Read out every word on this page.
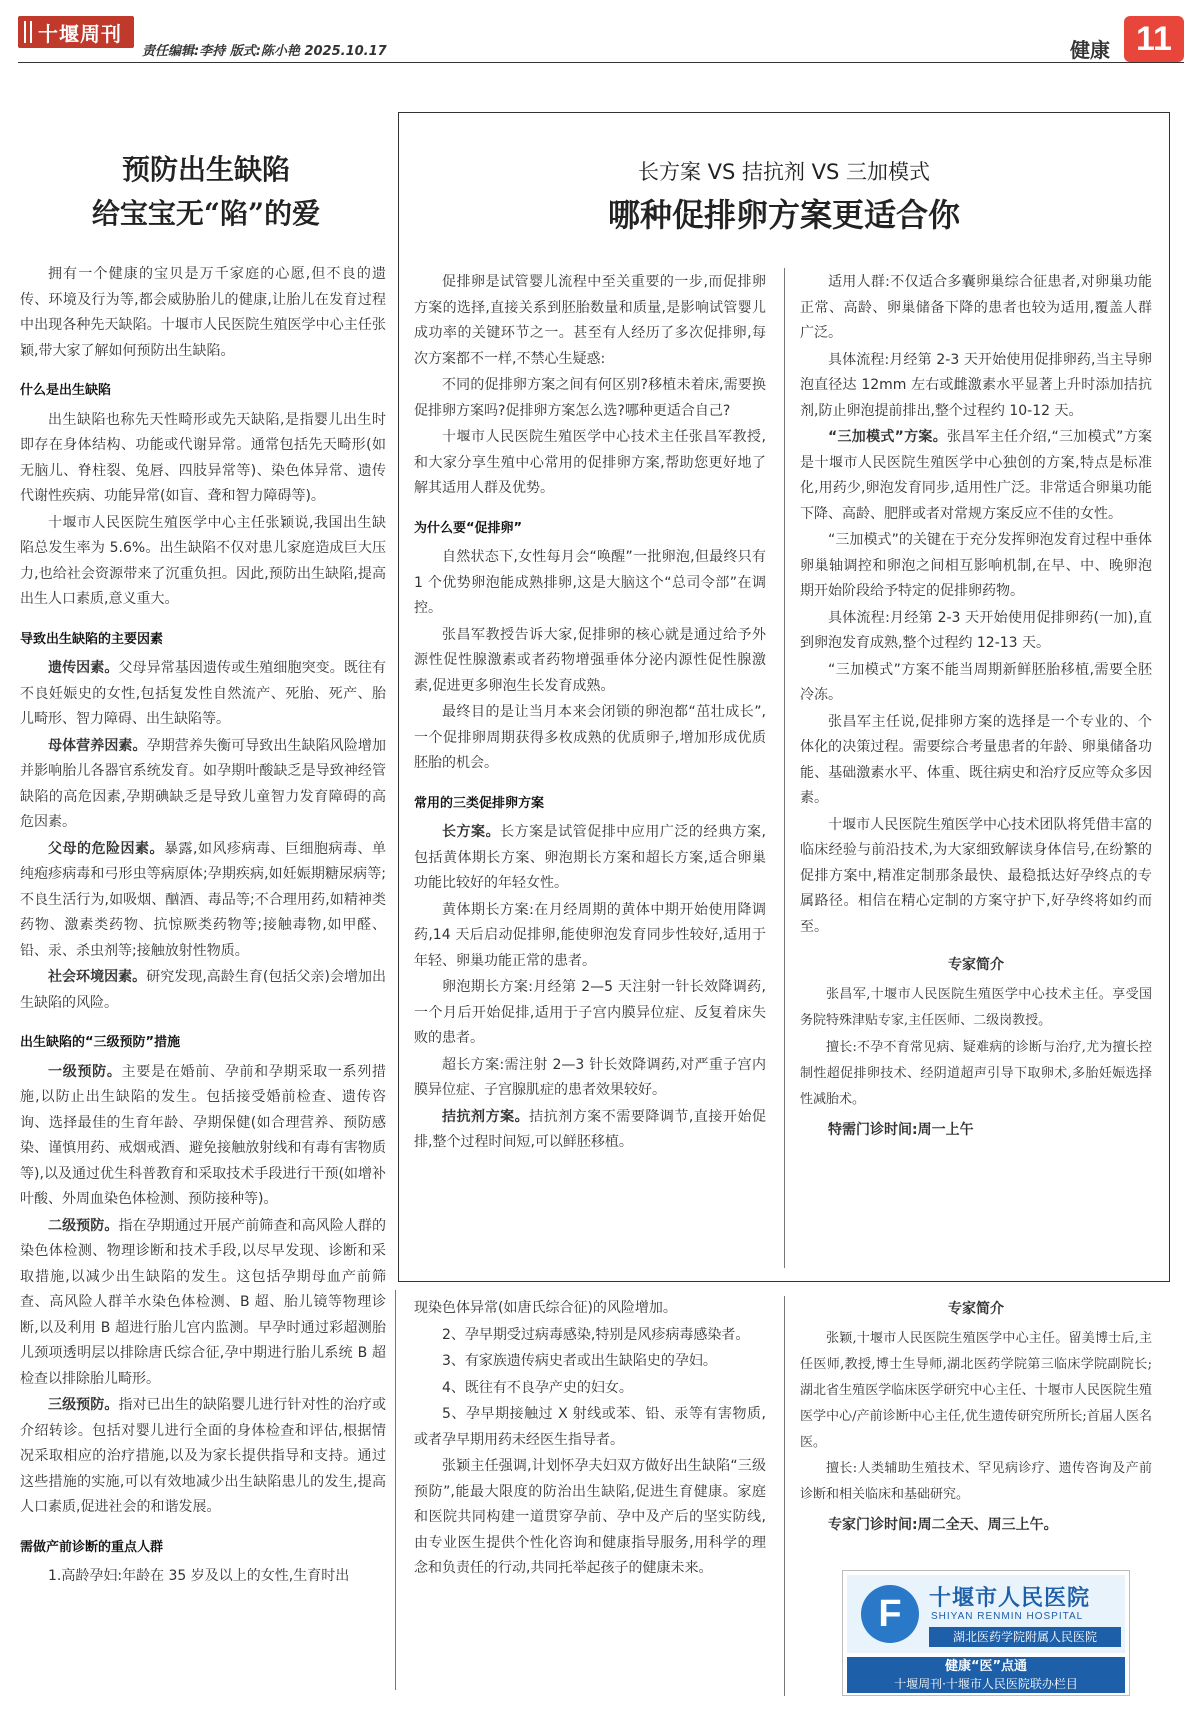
十堰周刊
责任编辑:李持 版式:陈小艳 2025.10.17	健康 11
预防出生缺陷
给宝宝无“陷”的爱

拥有一个健康的宝贝是万千家庭的心愿,但不良的遗传、环境及行为等,都会威胁胎儿的健康,让胎儿在发育过程中出现各种先天缺陷。十堰市人民医院生殖医学中心主任张颖,带大家了解如何预防出生缺陷。

什么是出生缺陷

出生缺陷也称先天性畸形或先天缺陷,是指婴儿出生时即存在身体结构、功能或代谢异常。通常包括先天畸形(如无脑儿、脊柱裂、兔唇、四肢异常等)、染色体异常、遗传代谢性疾病、功能异常(如盲、聋和智力障碍等)。

十堰市人民医院生殖医学中心主任张颖说,我国出生缺陷总发生率为 5.6%。出生缺陷不仅对患儿家庭造成巨大压力,也给社会资源带来了沉重负担。因此,预防出生缺陷,提高出生人口素质,意义重大。

导致出生缺陷的主要因素

遗传因素。父母异常基因遗传或生殖细胞突变。既往有不良妊娠史的女性,包括复发性自然流产、死胎、死产、胎儿畸形、智力障碍、出生缺陷等。

母体营养因素。孕期营养失衡可导致出生缺陷风险增加并影响胎儿各器官系统发育。如孕期叶酸缺乏是导致神经管缺陷的高危因素,孕期碘缺乏是导致儿童智力发育障碍的高危因素。

父母的危险因素。暴露,如风疹病毒、巨细胞病毒、单纯疱疹病毒和弓形虫等病原体;孕期疾病,如妊娠期糖尿病等;不良生活行为,如吸烟、酗酒、毒品等;不合理用药,如精神类药物、激素类药物、抗惊厥类药物等;接触毒物,如甲醛、铅、汞、杀虫剂等;接触放射性物质。

社会环境因素。研究发现,高龄生育(包括父亲)会增加出生缺陷的风险。

出生缺陷的“三级预防”措施

一级预防。主要是在婚前、孕前和孕期采取一系列措施,以防止出生缺陷的发生。包括接受婚前检查、遗传咨询、选择最佳的生育年龄、孕期保健(如合理营养、预防感染、谨慎用药、戒烟戒酒、避免接触放射线和有毒有害物质等),以及通过优生科普教育和采取技术手段进行干预(如增补叶酸、外周血染色体检测、预防接种等)。

二级预防。指在孕期通过开展产前筛查和高风险人群的染色体检测、物理诊断和技术手段,以尽早发现、诊断和采取措施,以减少出生缺陷的发生。这包括孕期母血产前筛查、高风险人群羊水染色体检测、B 超、胎儿镜等物理诊断,以及利用 B 超进行胎儿宫内监测。早孕时通过彩超测胎儿颈项透明层以排除唐氏综合征,孕中期进行胎儿系统 B 超检查以排除胎儿畸形。

三级预防。指对已出生的缺陷婴儿进行针对性的治疗或介绍转诊。包括对婴儿进行全面的身体检查和评估,根据情况采取相应的治疗措施,以及为家长提供指导和支持。通过这些措施的实施,可以有效地减少出生缺陷患儿的发生,提高人口素质,促进社会的和谐发展。

需做产前诊断的重点人群

1.高龄孕妇:年龄在 35 岁及以上的女性,生育时出

长方案 VS 拮抗剂 VS 三加模式
哪种促排卵方案更适合你

促排卵是试管婴儿流程中至关重要的一步,而促排卵方案的选择,直接关系到胚胎数量和质量,是影响试管婴儿成功率的关键环节之一。甚至有人经历了多次促排卵,每次方案都不一样,不禁心生疑惑:

不同的促排卵方案之间有何区别?移植未着床,需要换促排卵方案吗?促排卵方案怎么选?哪种更适合自己?

十堰市人民医院生殖医学中心技术主任张昌军教授,和大家分享生殖中心常用的促排卵方案,帮助您更好地了解其适用人群及优势。

为什么要“促排卵”

自然状态下,女性每月会“唤醒”一批卵泡,但最终只有 1 个优势卵泡能成熟排卵,这是大脑这个“总司令部”在调控。

张昌军教授告诉大家,促排卵的核心就是通过给予外源性促性腺激素或者药物增强垂体分泌内源性促性腺激素,促进更多卵泡生长发育成熟。

最终目的是让当月本来会闭锁的卵泡都“茁壮成长”,一个促排卵周期获得多枚成熟的优质卵子,增加形成优质胚胎的机会。

常用的三类促排卵方案

长方案。长方案是试管促排中应用广泛的经典方案,包括黄体期长方案、卵泡期长方案和超长方案,适合卵巢功能比较好的年轻女性。

黄体期长方案:在月经周期的黄体中期开始使用降调药,14 天后启动促排卵,能使卵泡发育同步性较好,适用于年轻、卵巢功能正常的患者。

卵泡期长方案:月经第 2—5 天注射一针长效降调药,一个月后开始促排,适用于子宫内膜异位症、反复着床失败的患者。

超长方案:需注射 2—3 针长效降调药,对严重子宫内膜异位症、子宫腺肌症的患者效果较好。

拮抗剂方案。拮抗剂方案不需要降调节,直接开始促排,整个过程时间短,可以鲜胚移植。

适用人群:不仅适合多囊卵巢综合征患者,对卵巢功能正常、高龄、卵巢储备下降的患者也较为适用,覆盖人群广泛。

具体流程:月经第 2-3 天开始使用促排卵药,当主导卵泡直径达 12mm 左右或雌激素水平显著上升时添加拮抗剂,防止卵泡提前排出,整个过程约 10-12 天。

“三加模式”方案。张昌军主任介绍,“三加模式”方案是十堰市人民医院生殖医学中心独创的方案,特点是标准化,用药少,卵泡发育同步,适用性广泛。非常适合卵巢功能下降、高龄、肥胖或者对常规方案反应不佳的女性。

“三加模式”的关键在于充分发挥卵泡发育过程中垂体卵巢轴调控和卵泡之间相互影响机制,在早、中、晚卵泡期开始阶段给予特定的促排卵药物。

具体流程:月经第 2-3 天开始使用促排卵药(一加),直到卵泡发育成熟,整个过程约 12-13 天。

“三加模式”方案不能当周期新鲜胚胎移植,需要全胚冷冻。

张昌军主任说,促排卵方案的选择是一个专业的、个体化的决策过程。需要综合考量患者的年龄、卵巢储备功能、基础激素水平、体重、既往病史和治疗反应等众多因素。

十堰市人民医院生殖医学中心技术团队将凭借丰富的临床经验与前沿技术,为大家细致解读身体信号,在纷繁的促排方案中,精准定制那条最快、最稳抵达好孕终点的专属路径。相信在精心定制的方案守护下,好孕终将如约而至。

专家简介

张昌军,十堰市人民医院生殖医学中心技术主任。享受国务院特殊津贴专家,主任医师、二级岗教授。

擅长:不孕不育常见病、疑难病的诊断与治疗,尤为擅长控制性超促排卵技术、经阴道超声引导下取卵术,多胎妊娠选择性减胎术。

特需门诊时间:周一上午

现染色体异常(如唐氏综合征)的风险增加。

2、孕早期受过病毒感染,特别是风疹病毒感染者。

3、有家族遗传病史者或出生缺陷史的孕妇。

4、既往有不良孕产史的妇女。

5、孕早期接触过 X 射线或苯、铅、汞等有害物质,或者孕早期用药未经医生指导者。

张颖主任强调,计划怀孕夫妇双方做好出生缺陷“三级预防”,能最大限度的防治出生缺陷,促进生育健康。家庭和医院共同构建一道贯穿孕前、孕中及产后的坚实防线,由专业医生提供个性化咨询和健康指导服务,用科学的理念和负责任的行动,共同托举起孩子的健康未来。

专家简介

张颖,十堰市人民医院生殖医学中心主任。留美博士后,主任医师,教授,博士生导师,湖北医药学院第三临床学院副院长;湖北省生殖医学临床医学研究中心主任、十堰市人民医院生殖医学中心/产前诊断中心主任,优生遗传研究所所长;首届人医名医。

擅长:人类辅助生殖技术、罕见病诊疗、遗传咨询及产前诊断和相关临床和基础研究。

专家门诊时间:周二全天、周三上午。

F	十堰市人民医院
SHIYAN RENMIN HOSPITAL
湖北医药学院附属人民医院
健康“医”点通
十堰周刊·十堰市人民医院联办栏目
